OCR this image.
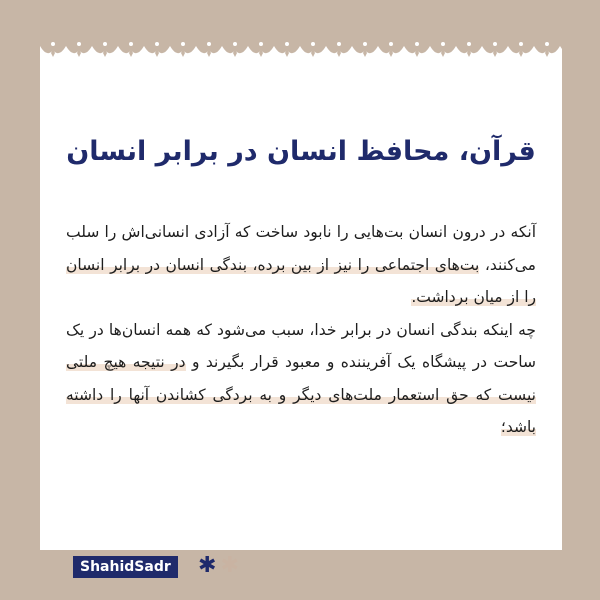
قرآن، محافظ انسان در برابر انسان

آنکه در درون انسان بت‌هایی را نابود ساخت که آزادی انسانی‌اش را سلب می‌کنند، بت‌های اجتماعی را نیز از بین برده، بندگی انسان در برابر انسان را از میان برداشت.

چه اینکه بندگی انسان در برابر خدا، سبب می‌شود که همه انسان‌ها در یک ساحت در پیشگاه یک آفریننده و معبود قرار بگیرند و در نتیجه هیچ ملتی نیست که حق استعمار ملت‌های دیگر و به بردگی کشاندن آنها را داشته باشد؛

ShahidSadr	✱ ✱
